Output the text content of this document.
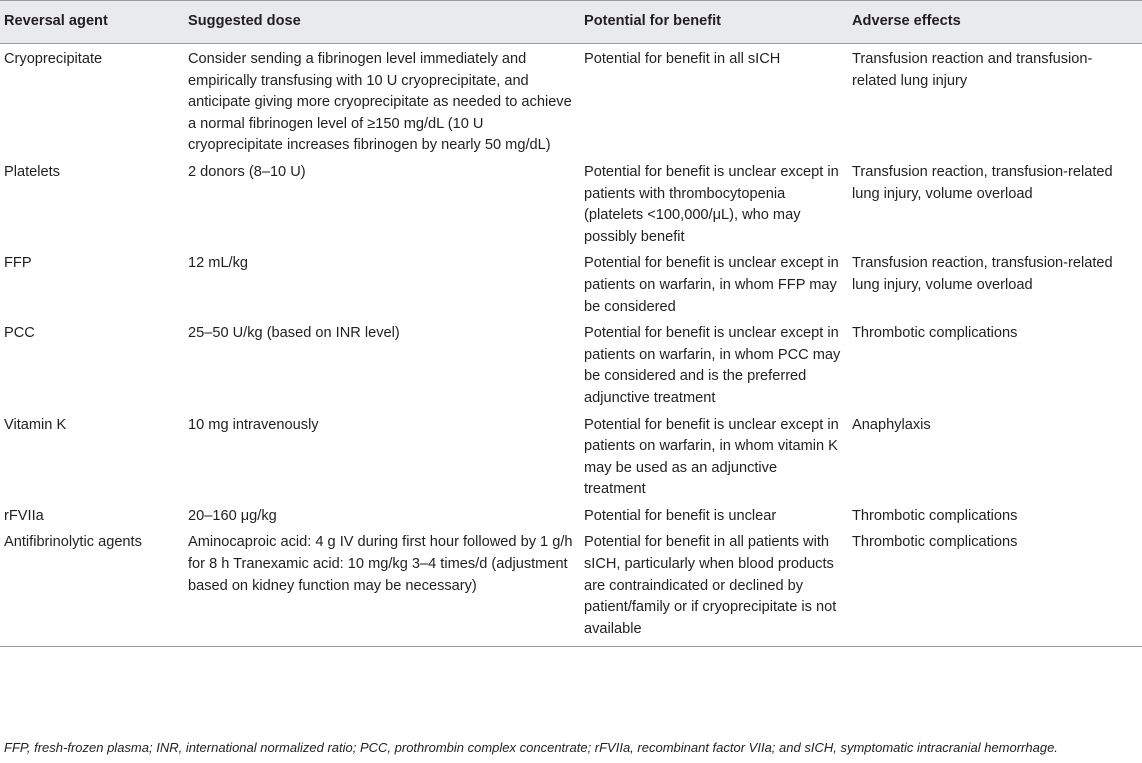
Reversal agent	Suggested dose	Potential for benefit	Adverse effects
Cryoprecipitate	Consider sending a fibrinogen level immediately and empirically transfusing with 10 U cryoprecipitate, and anticipate giving more cryoprecipitate as needed to achieve a normal fibrinogen level of ≥150 mg/dL (10 U cryoprecipitate increases fibrinogen by nearly 50 mg/dL)	Potential for benefit in all sICH	Transfusion reaction and transfusion-related lung injury
Platelets	2 donors (8–10 U)	Potential for benefit is unclear except in patients with thrombocytopenia (platelets <100,000/μL), who may possibly benefit	Transfusion reaction, transfusion-related lung injury, volume overload
FFP	12 mL/kg	Potential for benefit is unclear except in patients on warfarin, in whom FFP may be considered	Transfusion reaction, transfusion-related lung injury, volume overload
PCC	25–50 U/kg (based on INR level)	Potential for benefit is unclear except in patients on warfarin, in whom PCC may be considered and is the preferred adjunctive treatment	Thrombotic complications
Vitamin K	10 mg intravenously	Potential for benefit is unclear except in patients on warfarin, in whom vitamin K may be used as an adjunctive treatment	Anaphylaxis
rFVIIa	20–160 μg/kg	Potential for benefit is unclear	Thrombotic complications
Antifibrinolytic agents	Aminocaproic acid: 4 g IV during first hour followed by 1 g/h for 8 h Tranexamic acid: 10 mg/kg 3–4 times/d (adjustment based on kidney function may be necessary)	Potential for benefit in all patients with sICH, particularly when blood products are contraindicated or declined by patient/family or if cryoprecipitate is not available	Thrombotic complications
FFP, fresh-frozen plasma; INR, international normalized ratio; PCC, prothrombin complex concentrate; rFVIIa, recombinant factor VIIa; and sICH, symptomatic intracranial hemorrhage.
